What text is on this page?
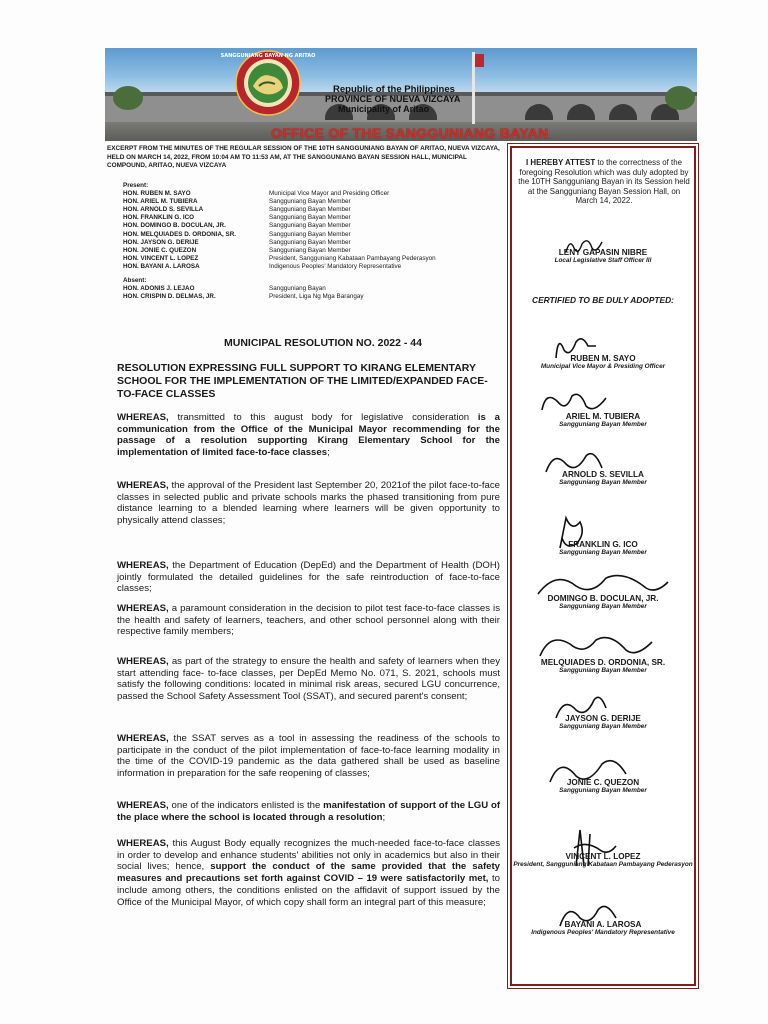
SANGGUNIANG BAYAN NG ARITAO
Republic of the Philippines
PROVINCE OF NUEVA VIZCAYA
Municipality of Aritao
OFFICE OF THE SANGGUNIANG BAYAN
EXCERPT FROM THE MINUTES OF THE REGULAR SESSION OF THE 10TH SANGGUNIANG BAYAN OF ARITAO, NUEVA VIZCAYA, HELD ON MARCH 14, 2022, FROM 10:04 AM TO 11:53 AM, AT THE SANGGUNIANG BAYAN SESSION HALL, MUNICIPAL COMPOUND, ARITAO, NUEVA VIZCAYA
Present:
HON. RUBEN M. SAYO	Municipal Vice Mayor and Presiding Officer
HON. ARIEL M. TUBIERA	Sangguniang Bayan Member
HON. ARNOLD S. SEVILLA	Sangguniang Bayan Member
HON. FRANKLIN G. ICO	Sangguniang Bayan Member
HON. DOMINGO B. DOCULAN, JR.	Sangguniang Bayan Member
HON. MELQUIADES D. ORDONIA, SR.	Sangguniang Bayan Member
HON. JAYSON G. DERIJE	Sangguniang Bayan Member
HON. JONIE C. QUEZON	Sangguniang Bayan Member
HON. VINCENT L. LOPEZ	President, Sangguniang Kabataan Pambayang Pederasyon
HON. BAYANI A. LAROSA	Indigenous Peoples' Mandatory Representative
Absent:
HON. ADONIS J. LEJAO	Sangguniang Bayan
HON. CRISPIN D. DELMAS, JR.	President, Liga Ng Mga Barangay
MUNICIPAL RESOLUTION NO. 2022 - 44
RESOLUTION EXPRESSING FULL SUPPORT TO KIRANG ELEMENTARY SCHOOL FOR THE IMPLEMENTATION OF THE LIMITED/EXPANDED FACE-TO-FACE CLASSES
WHEREAS, transmitted to this august body for legislative consideration is a communication from the Office of the Municipal Mayor recommending for the passage of a resolution supporting Kirang Elementary School for the implementation of limited face-to-face classes;
WHEREAS, the approval of the President last September 20, 2021of the pilot face-to-face classes in selected public and private schools marks the phased transitioning from pure distance learning to a blended learning where learners will be given opportunity to physically attend classes;
WHEREAS, the Department of Education (DepEd) and the Department of Health (DOH) jointly formulated the detailed guidelines for the safe reintroduction of face-to-face classes;
WHEREAS, a paramount consideration in the decision to pilot test face-to-face classes is the health and safety of learners, teachers, and other school personnel along with their respective family members;
WHEREAS, as part of the strategy to ensure the health and safety of learners when they start attending face- to-face classes, per DepEd Memo No. 071, S. 2021, schools must satisfy the following conditions: located in minimal risk areas, secured LGU concurrence, passed the School Safety Assessment Tool (SSAT), and secured parent's consent;
WHEREAS, the SSAT serves as a tool in assessing the readiness of the schools to participate in the conduct of the pilot implementation of face-to-face learning modality in the time of the COVID-19 pandemic as the data gathered shall be used as baseline information in preparation for the safe reopening of classes;
WHEREAS, one of the indicators enlisted is the manifestation of support of the LGU of the place where the school is located through a resolution;
WHEREAS, this August Body equally recognizes the much-needed face-to-face classes in order to develop and enhance students' abilities not only in academics but also in their social lives; hence, support the conduct of the same provided that the safety measures and precautions set forth against COVID – 19 were satisfactorily met, to include among others, the conditions enlisted on the affidavit of support issued by the Office of the Municipal Mayor, of which copy shall form an integral part of this measure;
I HEREBY ATTEST to the correctness of the foregoing Resolution which was duly adopted by the 10TH Sangguniang Bayan in its Session held at the Sangguniang Bayan Session Hall, on March 14, 2022.
LENY GAPASIN NIBRE
Local Legislative Staff Officer III
CERTIFIED TO BE DULY ADOPTED:
RUBEN M. SAYO
Municipal Vice Mayor & Presiding Officer
ARIEL M. TUBIERA
Sangguniang Bayan Member
ARNOLD S. SEVILLA
Sangguniang Bayan Member
FRANKLIN G. ICO
Sangguniang Bayan Member
DOMINGO B. DOCULAN, JR.
Sangguniang Bayan Member
MELQUIADES D. ORDONIA, SR.
Sangguniang Bayan Member
JAYSON G. DERIJE
Sangguniang Bayan Member
JONIE C. QUEZON
Sangguniang Bayan Member
VINCENT L. LOPEZ
President, Sangguniang Kabataan Pambayang Pederasyon
BAYANI A. LAROSA
Indigenous Peoples' Mandatory Representative
